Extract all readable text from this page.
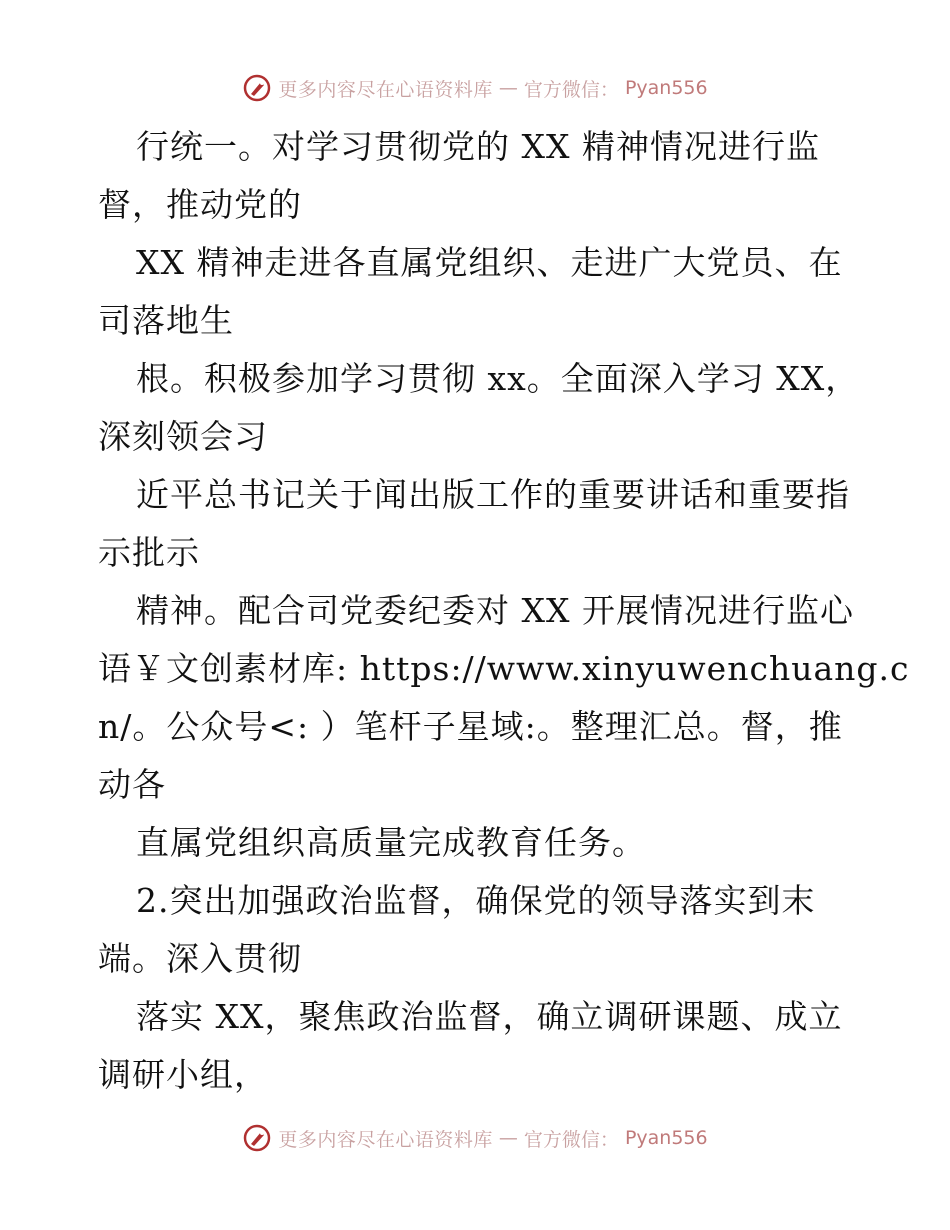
更多内容尽在心语资料库 — 官方微信： Pyan556
行统一。对学习贯彻党的 XX 精神情况进行监
督，推动党的
XX 精神走进各直属党组织、走进广大党员、在
司落地生
根。积极参加学习贯彻 xx。全面深入学习 XX，
深刻领会习
近平总书记关于闻出版工作的重要讲话和重要指
示批示
精神。配合司党委纪委对 XX 开展情况进行监心
语￥文创素材库: https://www.xinyuwenchuang.c
n/。公众号<: ）笔杆子星域:。整理汇总。督，推
动各
直属党组织高质量完成教育任务。
2.突出加强政治监督，确保党的领导落实到末
端。深入贯彻
落实 XX，聚焦政治监督，确立调研课题、成立
调研小组，
更多内容尽在心语资料库 — 官方微信： Pyan556
